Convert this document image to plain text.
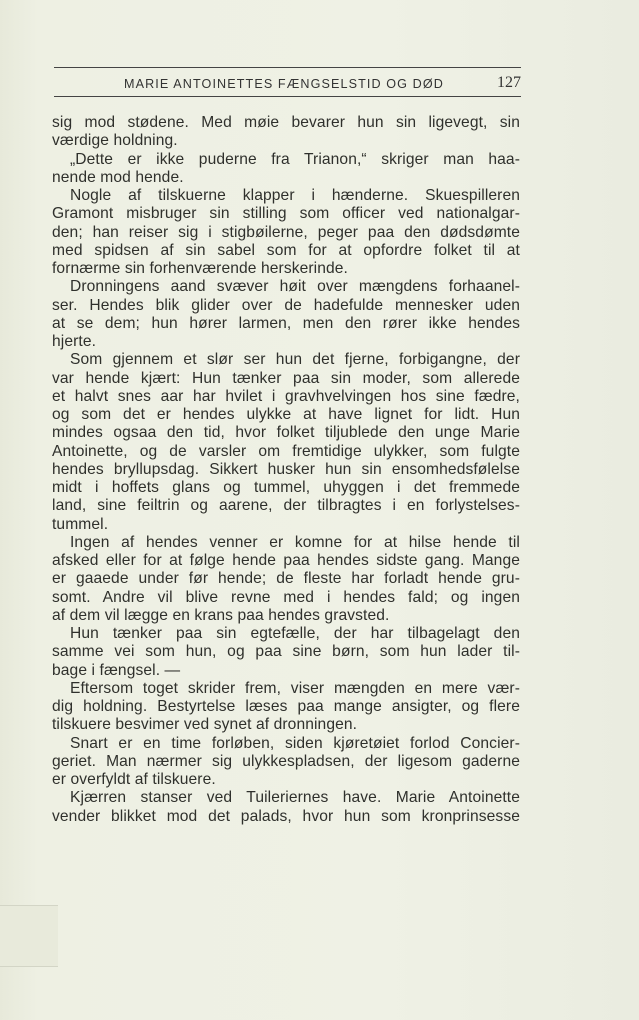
MARIE ANTOINETTES FÆNGSELSTID OG DØD	127
sig mod stødene. Med møie bevarer hun sin ligevegt, sin
værdige holdning.
„Dette er ikke puderne fra Trianon,“ skriger man haa-
nende mod hende.
Nogle af tilskuerne klapper i hænderne. Skuespilleren
Gramont misbruger sin stilling som officer ved nationalgar-
den; han reiser sig i stigbøilerne, peger paa den dødsdømte
med spidsen af sin sabel som for at opfordre folket til at
fornærme sin forhenværende herskerinde.
Dronningens aand svæver høit over mængdens forhaanel-
ser. Hendes blik glider over de hadefulde mennesker uden
at se dem; hun hører larmen, men den rører ikke hendes
hjerte.
Som gjennem et slør ser hun det fjerne, forbigangne, der
var hende kjært: Hun tænker paa sin moder, som allerede
et halvt snes aar har hvilet i gravhvelvingen hos sine fædre,
og som det er hendes ulykke at have lignet for lidt. Hun
mindes ogsaa den tid, hvor folket tiljublede den unge Marie
Antoinette, og de varsler om fremtidige ulykker, som fulgte
hendes bryllupsdag. Sikkert husker hun sin ensomhedsfølelse
midt i hoffets glans og tummel, uhyggen i det fremmede
land, sine feiltrin og aarene, der tilbragtes i en forlystelses-
tummel.
Ingen af hendes venner er komne for at hilse hende til
afsked eller for at følge hende paa hendes sidste gang. Mange
er gaaede under før hende; de fleste har forladt hende gru-
somt. Andre vil blive revne med i hendes fald; og ingen
af dem vil lægge en krans paa hendes gravsted.
Hun tænker paa sin egtefælle, der har tilbagelagt den
samme vei som hun, og paa sine børn, som hun lader til-
bage i fængsel. —
Eftersom toget skrider frem, viser mængden en mere vær-
dig holdning. Bestyrtelse læses paa mange ansigter, og flere
tilskuere besvimer ved synet af dronningen.
Snart er en time forløben, siden kjøretøiet forlod Concier-
geriet. Man nærmer sig ulykkespladsen, der ligesom gaderne
er overfyldt af tilskuere.
Kjærren stanser ved Tuileriernes have. Marie Antoinette
vender blikket mod det palads, hvor hun som kronprinsesse
